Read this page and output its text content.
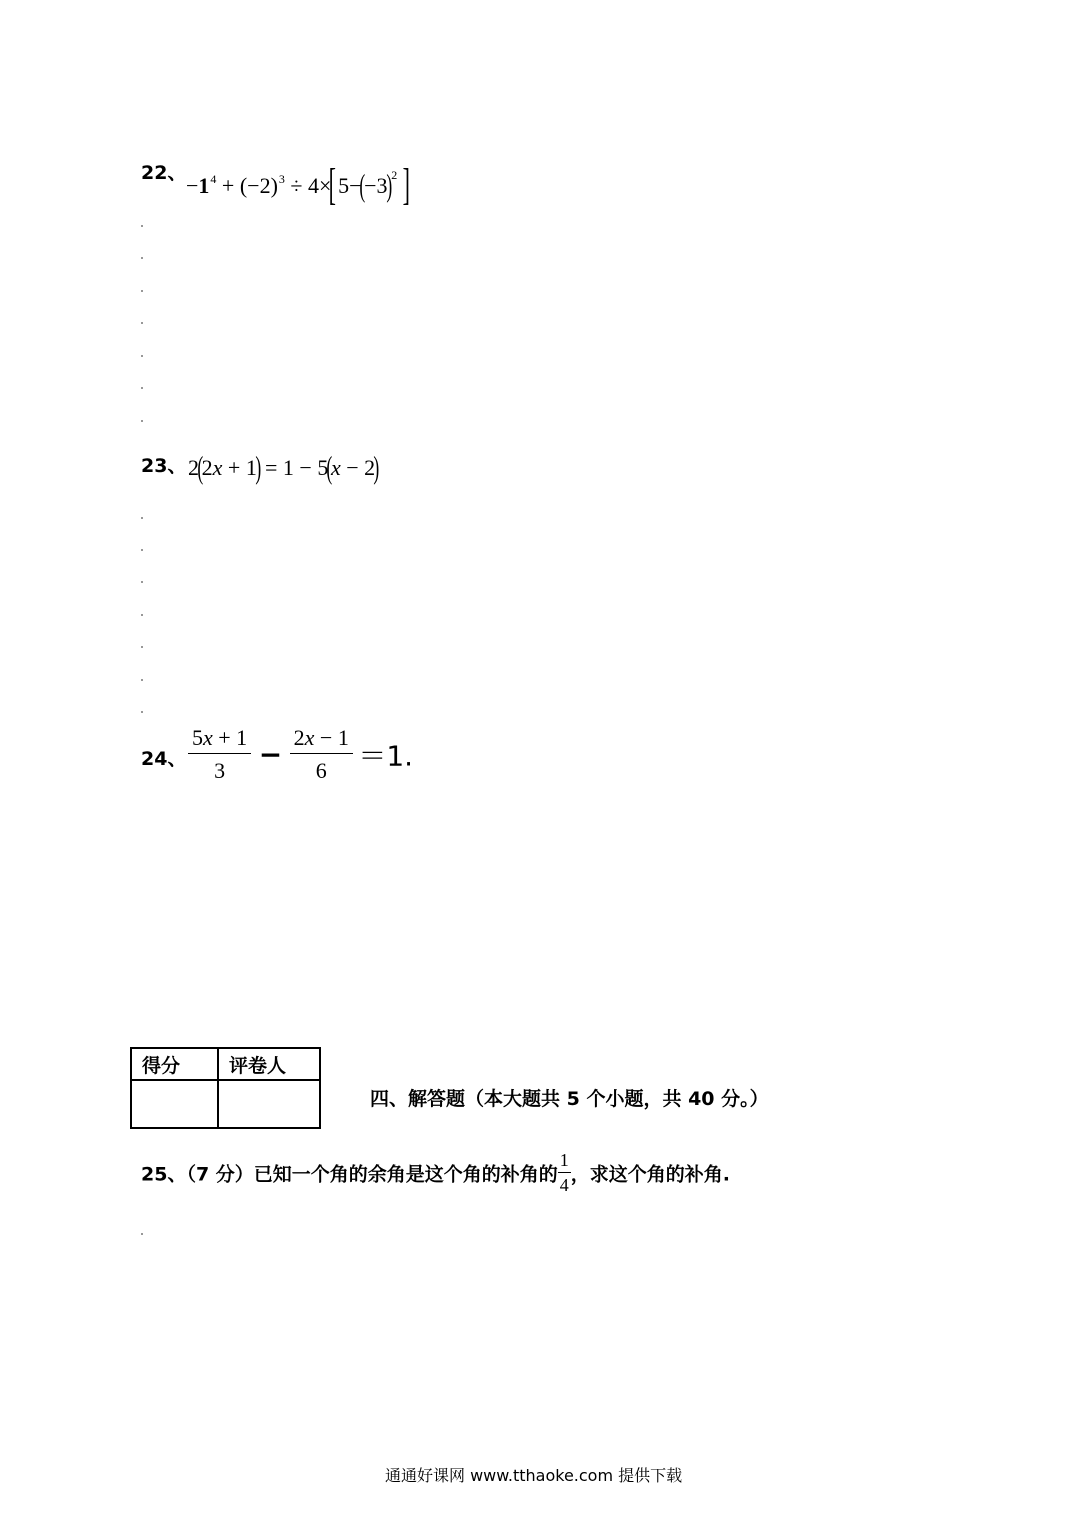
22、 $-1^4 + (-2)^3 \div 4\times[5-(-3)^2$ ]
23、 2(2x + 1) = 1 − 5(x − 2)
24、 $\frac{5x + 1}{3} - \frac{2x - 1}{6} =1$.
得分	评卷人

四、解答题（本大题共 5 个小题，共 40 分。）
25、（7 分）已知一个角的余角是这个角的补角的 $\frac{1}{4}$ ，求这个角的补角.
通通好课网 www.tthaoke.com 提供下载
